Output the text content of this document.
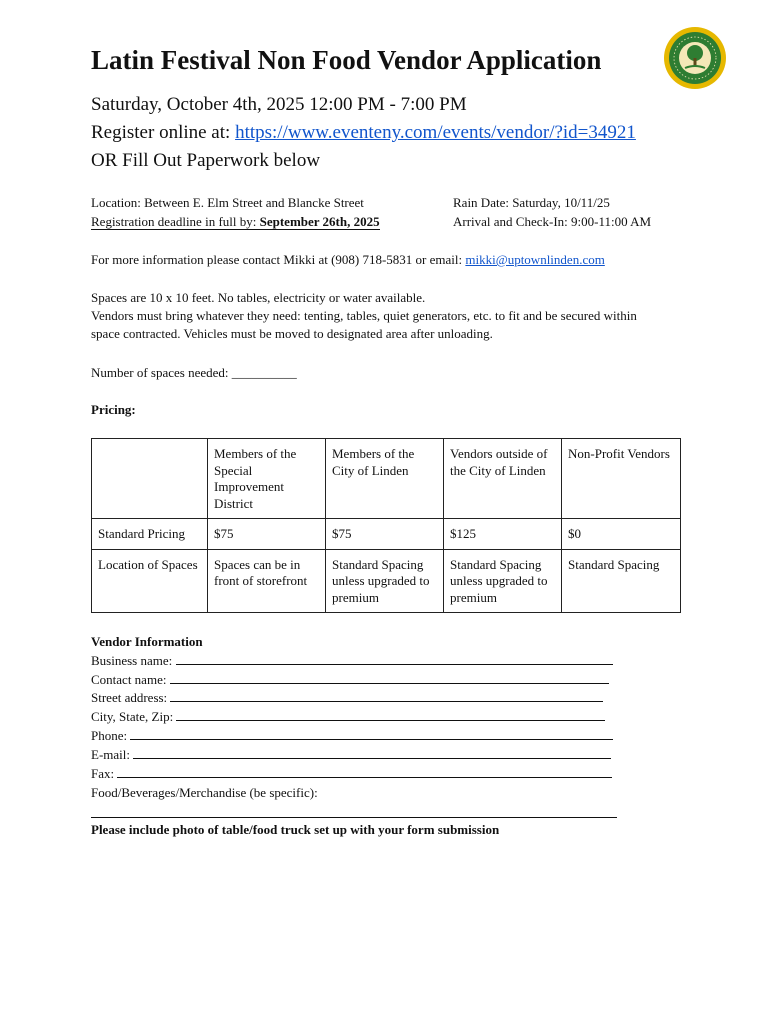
Latin Festival Non Food Vendor Application
Saturday, October 4th, 2025 12:00 PM - 7:00 PM
Register online at: https://www.eventeny.com/events/vendor/?id=34921
OR Fill Out Paperwork below
Location: Between E. Elm Street and Blancke Street
Registration deadline in full by: September 26th, 2025
Rain Date: Saturday, 10/11/25
Arrival and Check-In: 9:00-11:00 AM
For more information please contact Mikki at (908) 718-5831 or email: mikki@uptownlinden.com
Spaces are 10 x 10 feet. No tables, electricity or water available.
Vendors must bring whatever they need: tenting, tables, quiet generators, etc. to fit and be secured within
space contracted. Vehicles must be moved to designated area after unloading.
Number of spaces needed: __________
Pricing:
	Members of the Special Improvement District	Members of the City of Linden	Vendors outside of the City of Linden	Non-Profit Vendors
Standard Pricing	$75	$75	$125	$0
Location of Spaces	Spaces can be in front of storefront	Standard Spacing unless upgraded to premium	Standard Spacing unless upgraded to premium	Standard Spacing
Vendor Information
Business name:
Contact name:
Street address:
City, State, Zip:
Phone:
E-mail:
Fax:
Food/Beverages/Merchandise (be specific):
Please include photo of table/food truck set up with your form submission
